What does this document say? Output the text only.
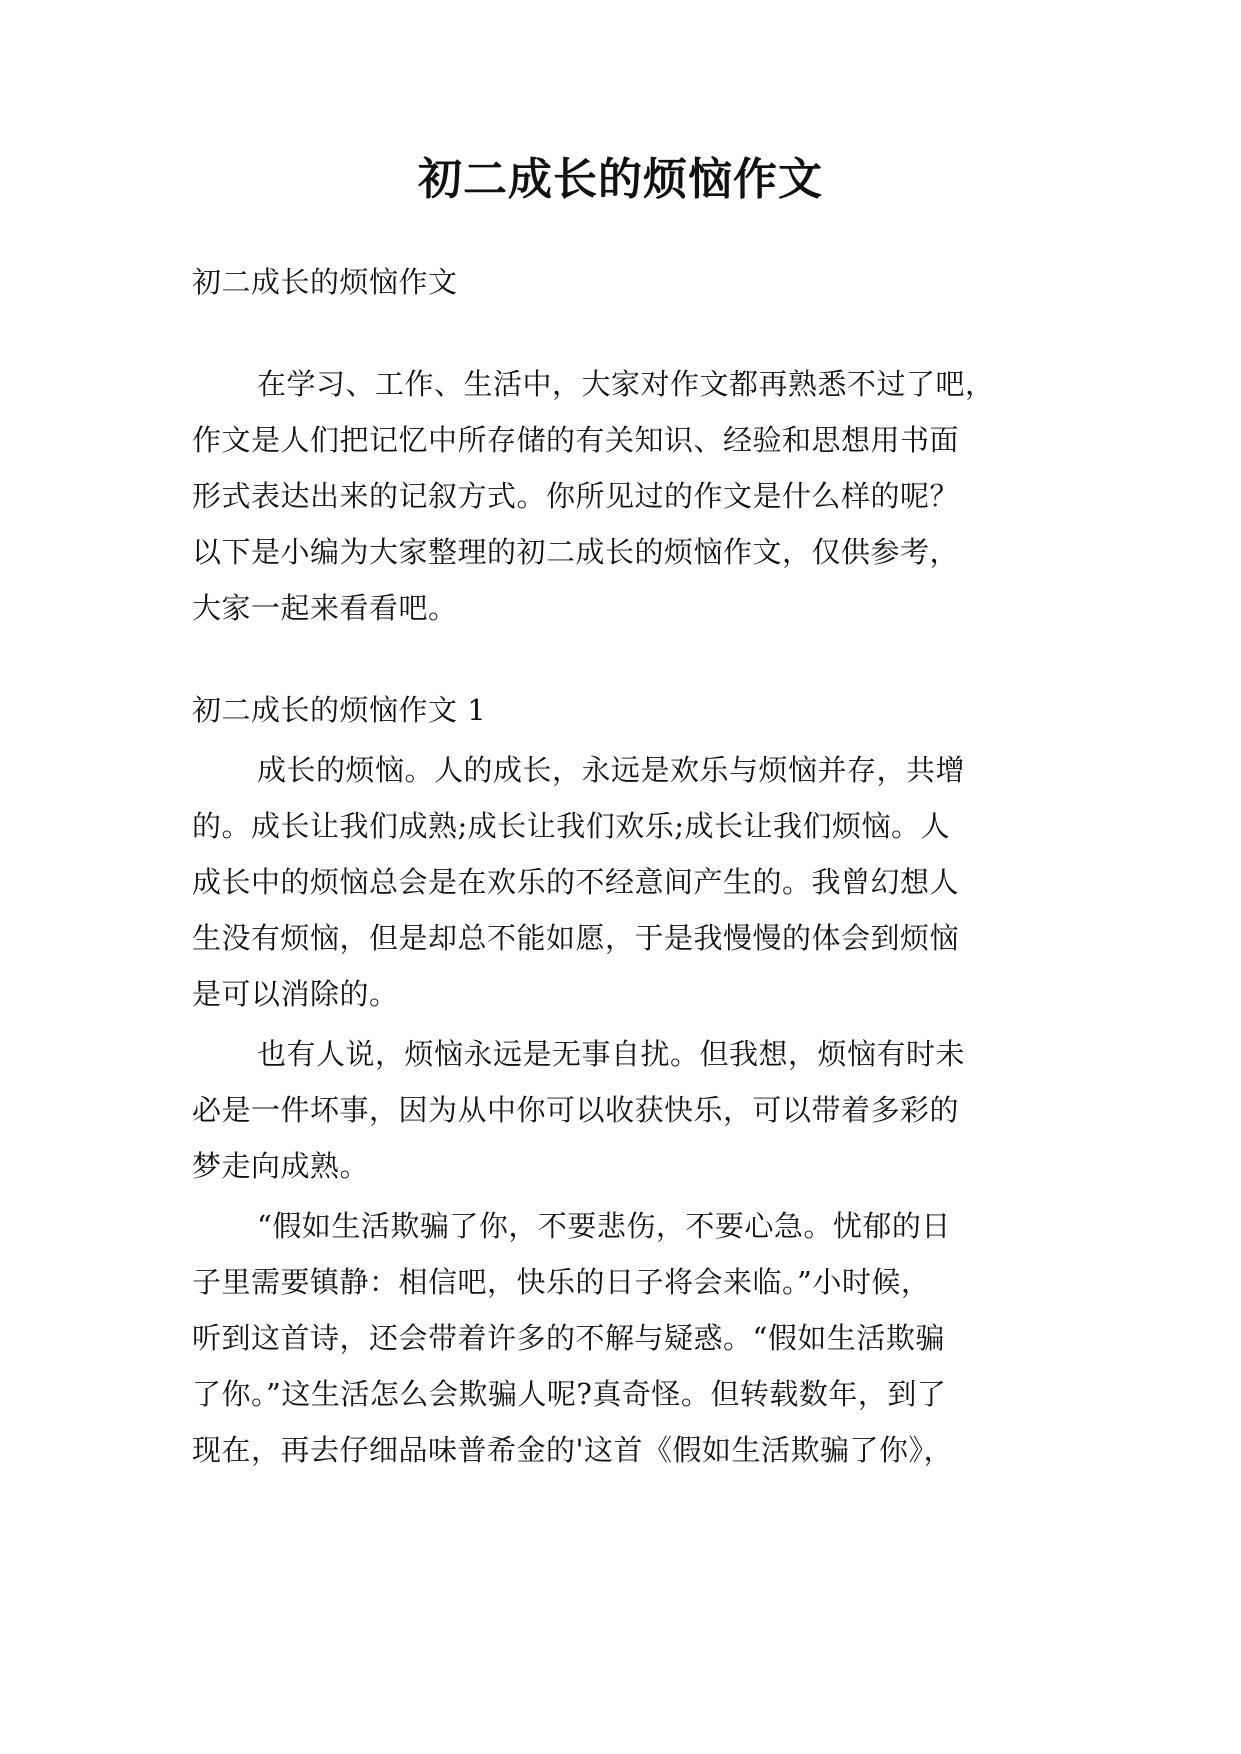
初二成长的烦恼作文
初二成长的烦恼作文
在学习、工作、生活中，大家对作文都再熟悉不过了吧，
作文是人们把记忆中所存储的有关知识、经验和思想用书面
形式表达出来的记叙方式。你所见过的作文是什么样的呢？
以下是小编为大家整理的初二成长的烦恼作文，仅供参考，
大家一起来看看吧。
初二成长的烦恼作文 1
成长的烦恼。人的成长，永远是欢乐与烦恼并存，共增
的。成长让我们成熟;成长让我们欢乐;成长让我们烦恼。人
成长中的烦恼总会是在欢乐的不经意间产生的。我曾幻想人
生没有烦恼，但是却总不能如愿，于是我慢慢的体会到烦恼
是可以消除的。
也有人说，烦恼永远是无事自扰。但我想，烦恼有时未
必是一件坏事，因为从中你可以收获快乐，可以带着多彩的
梦走向成熟。
“假如生活欺骗了你，不要悲伤，不要心急。忧郁的日
子里需要镇静：相信吧，快乐的日子将会来临。”小时候，
听到这首诗，还会带着许多的不解与疑惑。“假如生活欺骗
了你。”这生活怎么会欺骗人呢?真奇怪。但转载数年，到了
现在，再去仔细品味普希金的'这首《假如生活欺骗了你》，
